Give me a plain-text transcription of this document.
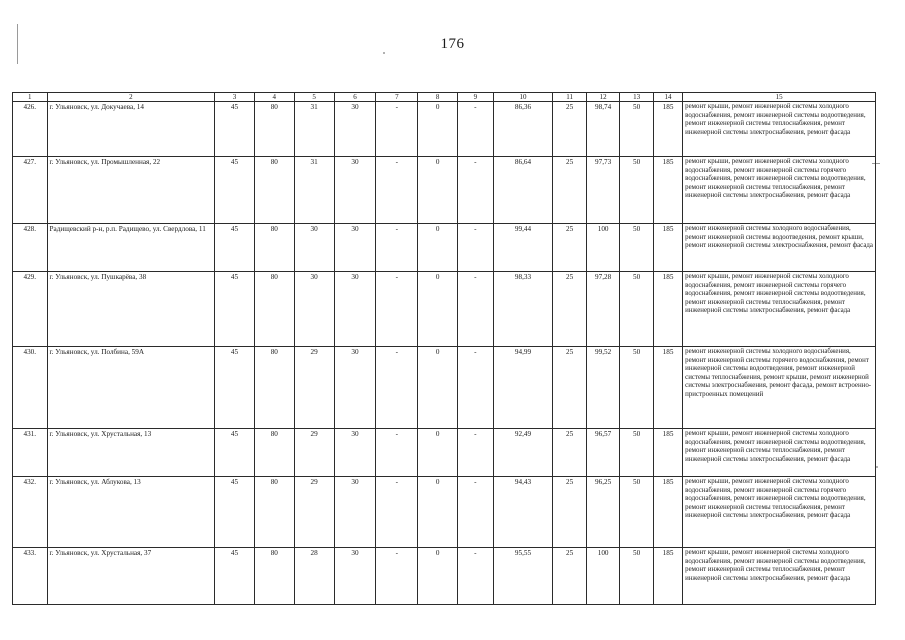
176
1	2	3	4	5	6	7	8	9	10	11	12	13	14	15
426.	г. Ульяновск, ул. Докучаева, 14	45	80	31	30	-	0	-	86,36	25	98,74	50	185	ремонт крыши, ремонт инженерной системы холодного водоснабжения, ремонт инженерной системы водоотведения, ремонт инженерной системы теплоснабжения, ремонт инженерной системы электроснабжения, ремонт фасада
427.	г. Ульяновск, ул. Промышленная, 22	45	80	31	30	-	0	-	86,64	25	97,73	50	185	ремонт крыши, ремонт инженерной системы холодного водоснабжения, ремонт инженерной системы горячего водоснабжения, ремонт инженерной системы водоотведения, ремонт инженерной системы теплоснабжения, ремонт инженерной системы электроснабжения, ремонт фасада
428.	Радищевский р-н, р.п. Радищево, ул. Свердлова, 11	45	80	30	30	-	0	-	99,44	25	100	50	185	ремонт инженерной системы холодного водоснабжения, ремонт инженерной системы водоотведения, ремонт крыши, ремонт инженерной системы электроснабжения, ремонт фасада
429.	г. Ульяновск, ул. Пушкарёва, 38	45	80	30	30	-	0	-	98,33	25	97,28	50	185	ремонт крыши, ремонт инженерной системы холодного водоснабжения, ремонт инженерной системы горячего водоснабжения, ремонт инженерной системы водоотведения, ремонт инженерной системы теплоснабжения, ремонт инженерной системы электроснабжения, ремонт фасада
430.	г. Ульяновск, ул. Полбина, 59А	45	80	29	30	-	0	-	94,99	25	99,52	50	185	ремонт инженерной системы холодного водоснабжения, ремонт инженерной системы горячего водоснабжения, ремонт инженерной системы водоотведения, ремонт инженерной системы теплоснабжения, ремонт крыши, ремонт инженерной системы электроснабжения, ремонт фасада, ремонт встроенно-пристроенных помещений
431.	г. Ульяновск, ул. Хрустальная, 13	45	80	29	30	-	0	-	92,49	25	96,57	50	185	ремонт крыши, ремонт инженерной системы холодного водоснабжения, ремонт инженерной системы водоотведения, ремонт инженерной системы теплоснабжения, ремонт инженерной системы электроснабжения, ремонт фасада
432.	г. Ульяновск, ул. Аблукова, 13	45	80	29	30	-	0	-	94,43	25	96,25	50	185	ремонт крыши, ремонт инженерной системы холодного водоснабжения, ремонт инженерной системы горячего водоснабжения, ремонт инженерной системы водоотведения, ремонт инженерной системы теплоснабжения, ремонт инженерной системы электроснабжения, ремонт фасада
433.	г. Ульяновск, ул. Хрустальная, 37	45	80	28	30	-	0	-	95,55	25	100	50	185	ремонт крыши, ремонт инженерной системы холодного водоснабжения, ремонт инженерной системы водоотведения, ремонт инженерной системы теплоснабжения, ремонт инженерной системы электроснабжения, ремонт фасада
